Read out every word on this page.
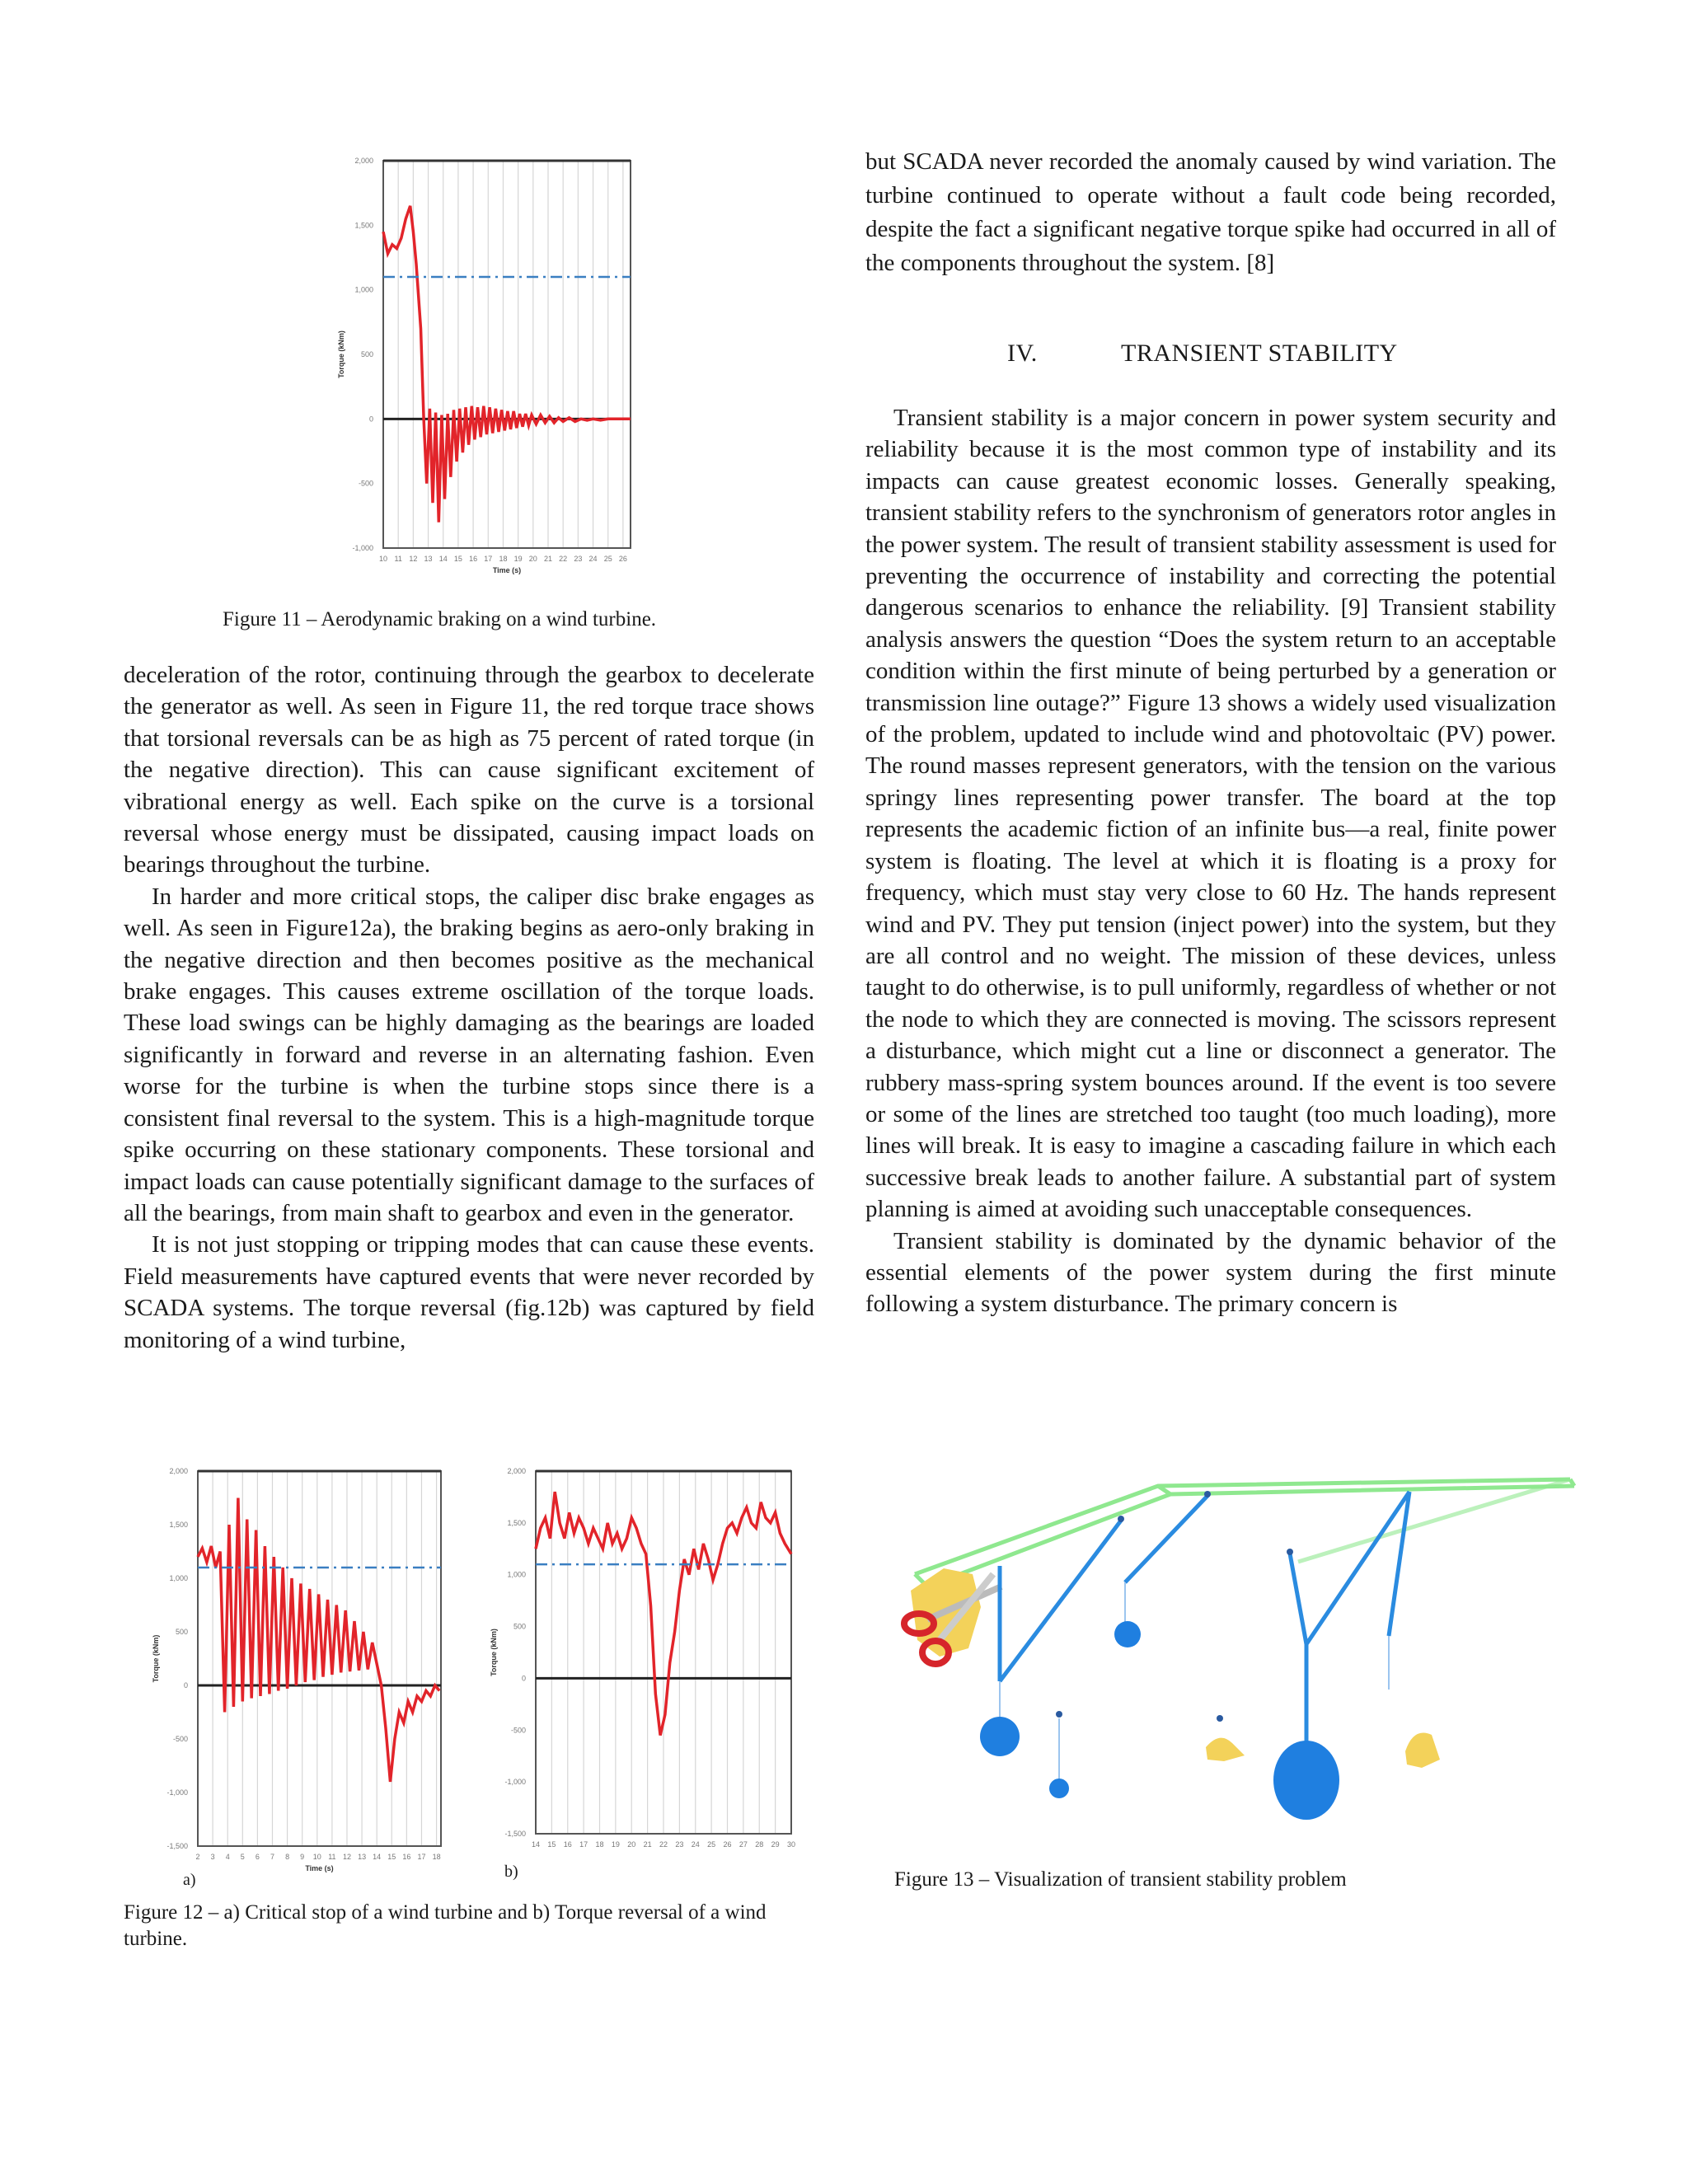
2,000
1,500
1,000
500
0
-500
-1,000
10 11 12 13 14 15 16 17 18 19 20 21 22 23 24 25 26
Torque (kNm)
Time (s)
Figure 11 – Aerodynamic braking on a wind turbine.

deceleration of the rotor, continuing through the gearbox to decelerate the generator as well. As seen in Figure 11, the red torque trace shows that torsional reversals can be as high as 75 percent of rated torque (in the negative direction). This can cause significant excitement of vibrational energy as well. Each spike on the curve is a torsional reversal whose energy must be dissipated, causing impact loads on bearings throughout the turbine.

In harder and more critical stops, the caliper disc brake engages as well. As seen in Figure12a), the braking begins as aero-only braking in the negative direction and then becomes positive as the mechanical brake engages. This causes extreme oscillation of the torque loads. These load swings can be highly damaging as the bearings are loaded significantly in forward and reverse in an alternating fashion. Even worse for the turbine is when the turbine stops since there is a consistent final reversal to the system. This is a high-magnitude torque spike occurring on these stationary components. These torsional and impact loads can cause potentially significant damage to the surfaces of all the bearings, from main shaft to gearbox and even in the generator.

It is not just stopping or tripping modes that can cause these events. Field measurements have captured events that were never recorded by SCADA systems. The torque reversal (fig.12b) was captured by field monitoring of a wind turbine,

2,000
1,500
1,000
500
0
-500
-1,000
-1,500
2 3 4 5 6 7 8 9 10 11 12 13 14 15 16 17 18
Torque (kNm)
Time (s)
a)
2,000
1,500
1,000
500
0
-500
-1,000
-1,500
14 15 16 17 18 19 20 21 22 23 24 25 26 27 28 29 30
Torque (kNm)
b)
Figure 12 – a) Critical stop of a wind turbine and b) Torque reversal of a wind turbine.

but SCADA never recorded the anomaly caused by wind variation. The turbine continued to operate without a fault code being recorded, despite the fact a significant negative torque spike had occurred in all of the components throughout the system. [8]

IV.	TRANSIENT STABILITY

Transient stability is a major concern in power system security and reliability because it is the most common type of instability and its impacts can cause greatest economic losses. Generally speaking, transient stability refers to the synchronism of generators rotor angles in the power system. The result of transient stability assessment is used for preventing the occurrence of instability and correcting the potential dangerous scenarios to enhance the reliability. [9] Transient stability analysis answers the question “Does the system return to an acceptable condition within the first minute of being perturbed by a generation or transmission line outage?” Figure 13 shows a widely used visualization of the problem, updated to include wind and photovoltaic (PV) power. The round masses represent generators, with the tension on the various springy lines representing power transfer. The board at the top represents the academic fiction of an infinite bus—a real, finite power system is floating. The level at which it is floating is a proxy for frequency, which must stay very close to 60 Hz. The hands represent wind and PV. They put tension (inject power) into the system, but they are all control and no weight. The mission of these devices, unless taught to do otherwise, is to pull uniformly, regardless of whether or not the node to which they are connected is moving. The scissors represent a disturbance, which might cut a line or disconnect a generator. The rubbery mass-spring system bounces around. If the event is too severe or some of the lines are stretched too taught (too much loading), more lines will break. It is easy to imagine a cascading failure in which each successive break leads to another failure. A substantial part of system planning is aimed at avoiding such unacceptable consequences.

Transient stability is dominated by the dynamic behavior of the essential elements of the power system during the first minute following a system disturbance. The primary concern is

Figure 13 – Visualization of transient stability problem
